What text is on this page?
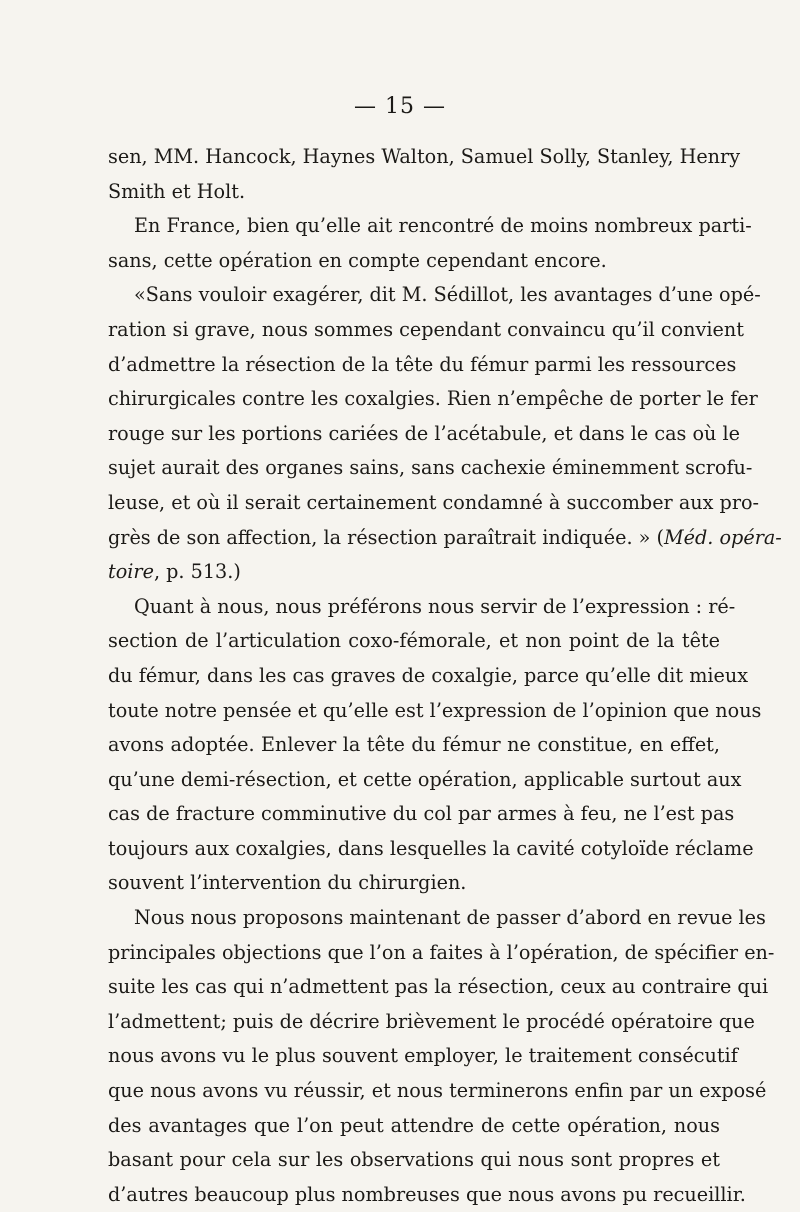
— 15 —
sen, MM. Hancock, Haynes Walton, Samuel Solly, Stanley, Henry
Smith et Holt.
En France, bien qu’elle ait rencontré de moins nombreux parti-
sans, cette opération en compte cependant encore.
«Sans vouloir exagérer, dit M. Sédillot, les avantages d’une opé-
ration si grave, nous sommes cependant convaincu qu’il convient
d’admettre la résection de la tête du fémur parmi les ressources
chirurgicales contre les coxalgies. Rien n’empêche de porter le fer
rouge sur les portions cariées de l’acétabule, et dans le cas où le
sujet aurait des organes sains, sans cachexie éminemment scrofu-
leuse, et où il serait certainement condamné à succomber aux pro-
grès de son affection, la résection paraîtrait indiquée. » (Méd. opéra-
toire, p. 513.)
Quant à nous, nous préférons nous servir de l’expression : ré-
section de l’articulation coxo-fémorale, et non point de la tête
du fémur, dans les cas graves de coxalgie, parce qu’elle dit mieux
toute notre pensée et qu’elle est l’expression de l’opinion que nous
avons adoptée. Enlever la tête du fémur ne constitue, en effet,
qu’une demi-résection, et cette opération, applicable surtout aux
cas de fracture comminutive du col par armes à feu, ne l’est pas
toujours aux coxalgies, dans lesquelles la cavité cotyloïde réclame
souvent l’intervention du chirurgien.
Nous nous proposons maintenant de passer d’abord en revue les
principales objections que l’on a faites à l’opération, de spécifier en-
suite les cas qui n’admettent pas la résection, ceux au contraire qui
l’admettent; puis de décrire brièvement le procédé opératoire que
nous avons vu le plus souvent employer, le traitement consécutif
que nous avons vu réussir, et nous terminerons enfin par un exposé
des avantages que l’on peut attendre de cette opération, nous
basant pour cela sur les observations qui nous sont propres et
d’autres beaucoup plus nombreuses que nous avons pu recueillir.
